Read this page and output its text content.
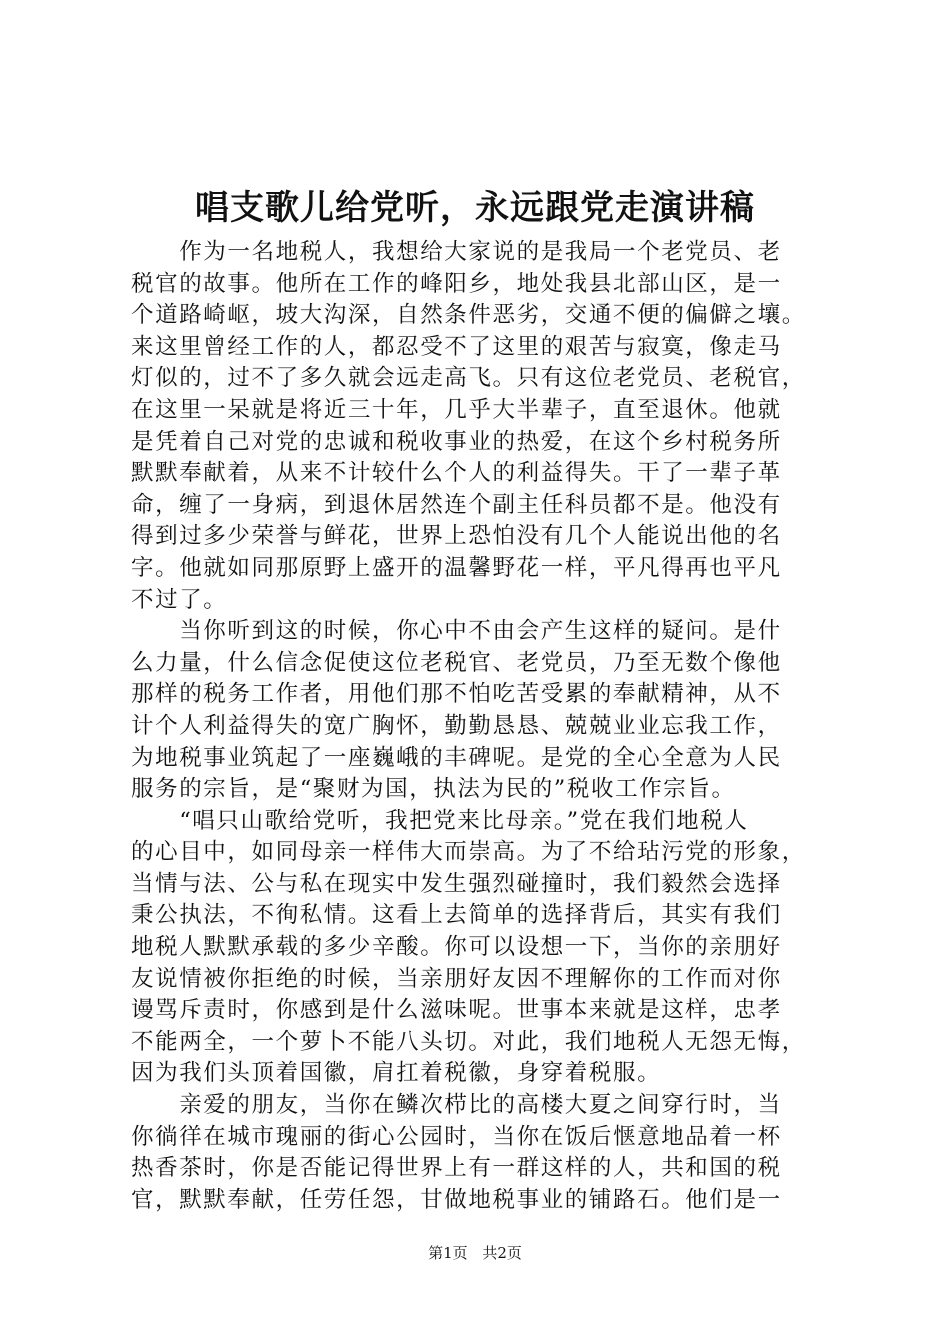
唱支歌儿给党听，永远跟党走演讲稿
　　作为一名地税人，我想给大家说的是我局一个老党员、老
税官的故事。他所在工作的峰阳乡，地处我县北部山区，是一
个道路崎岖，坡大沟深，自然条件恶劣，交通不便的偏僻之壤。
来这里曾经工作的人，都忍受不了这里的艰苦与寂寞，像走马
灯似的，过不了多久就会远走高飞。只有这位老党员、老税官，
在这里一呆就是将近三十年，几乎大半辈子，直至退休。他就
是凭着自己对党的忠诚和税收事业的热爱，在这个乡村税务所
默默奉献着，从来不计较什么个人的利益得失。干了一辈子革
命，缠了一身病，到退休居然连个副主任科员都不是。他没有
得到过多少荣誉与鲜花，世界上恐怕没有几个人能说出他的名
字。他就如同那原野上盛开的温馨野花一样，平凡得再也平凡
不过了。
　　当你听到这的时候，你心中不由会产生这样的疑问。是什
么力量，什么信念促使这位老税官、老党员，乃至无数个像他
那样的税务工作者，用他们那不怕吃苦受累的奉献精神，从不
计个人利益得失的宽广胸怀，勤勤恳恳、兢兢业业忘我工作，
为地税事业筑起了一座巍峨的丰碑呢。是党的全心全意为人民
服务的宗旨，是“聚财为国，执法为民的”税收工作宗旨。
　　“唱只山歌给党听，我把党来比母亲。”党在我们地税人
的心目中，如同母亲一样伟大而崇高。为了不给玷污党的形象，
当情与法、公与私在现实中发生强烈碰撞时，我们毅然会选择
秉公执法，不徇私情。这看上去简单的选择背后，其实有我们
地税人默默承载的多少辛酸。你可以设想一下，当你的亲朋好
友说情被你拒绝的时候，当亲朋好友因不理解你的工作而对你
谩骂斥责时，你感到是什么滋味呢。世事本来就是这样，忠孝
不能两全，一个萝卜不能八头切。对此，我们地税人无怨无悔，
因为我们头顶着国徽，肩扛着税徽，身穿着税服。
　　亲爱的朋友，当你在鳞次栉比的高楼大夏之间穿行时，当
你徜徉在城市瑰丽的街心公园时，当你在饭后惬意地品着一杯
热香茶时，你是否能记得世界上有一群这样的人，共和国的税
官，默默奉献，任劳任怨，甘做地税事业的铺路石。他们是一
第1页 共2页
